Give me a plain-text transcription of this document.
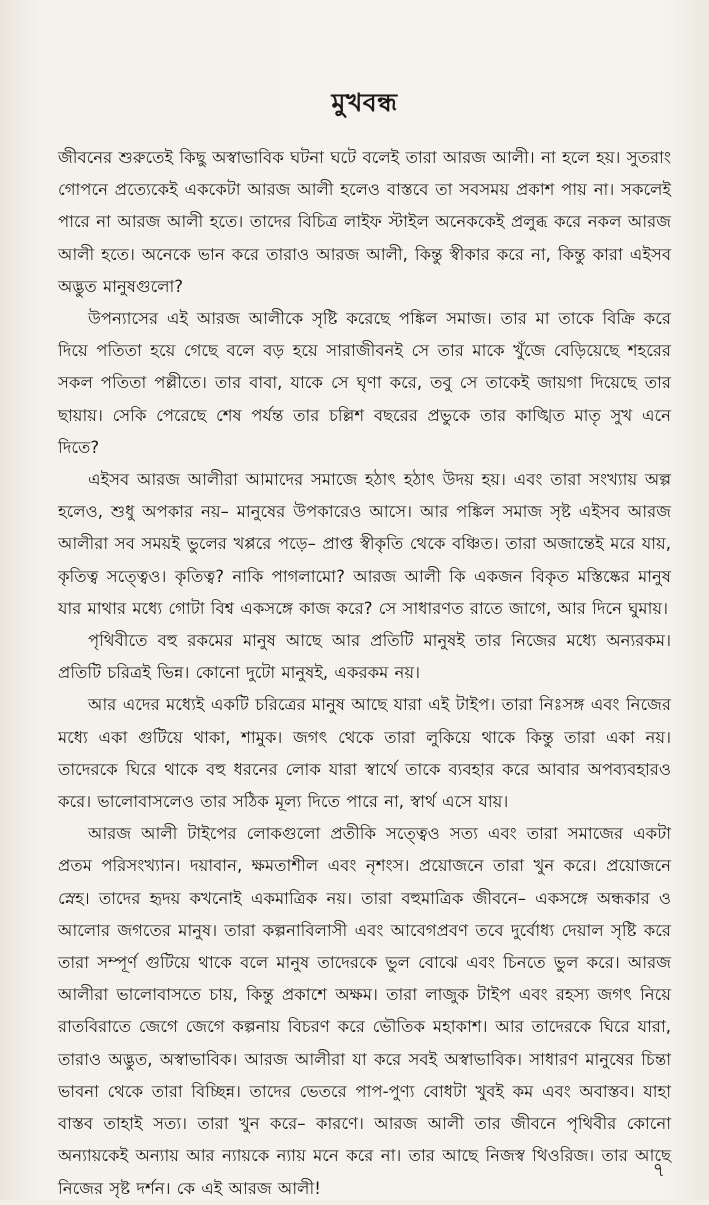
মুখবন্ধ

জীবনের শুরুতেই কিছু অস্বাভাবিক ঘটনা ঘটে বলেই তারা আরজ আলী। না হলে হয়। সুতরাং গোপনে প্রত্যেকেই এককেটা আরজ আলী হলেও বাস্তবে তা সবসময় প্রকাশ পায় না। সকলেই পারে না আরজ আলী হতে। তাদের বিচিত্র লাইফ স্টাইল অনেককেই প্রলুব্ধ করে নকল আরজ আলী হতে। অনেকে ভান করে তারাও আরজ আলী, কিন্তু স্বীকার করে না, কিন্তু কারা এইসব অদ্ভুত মানুষগুলো?

উপন্যাসের এই আরজ আলীকে সৃষ্টি করেছে পঙ্কিল সমাজ। তার মা তাকে বিক্রি করে দিয়ে পতিতা হয়ে গেছে বলে বড় হয়ে সারাজীবনই সে তার মাকে খুঁজে বেড়িয়েছে শহরের সকল পতিতা পল্লীতে। তার বাবা, যাকে সে ঘৃণা করে, তবু সে তাকেই জায়গা দিয়েছে তার ছায়ায়। সেকি পেরেছে শেষ পর্যন্ত তার চল্লিশ বছরের প্রভুকে তার কাঙ্খিত মাতৃ সুখ এনে দিতে?

এইসব আরজ আলীরা আমাদের সমাজে হঠাৎ হঠাৎ উদয় হয়। এবং তারা সংখ্যায় অল্প হলেও, শুধু অপকার নয়– মানুষের উপকারেও আসে। আর পঙ্কিল সমাজ সৃষ্ট এইসব আরজ আলীরা সব সময়ই ভুলের খপ্পরে পড়ে– প্রাপ্ত স্বীকৃতি থেকে বঞ্চিত। তারা অজান্তেই মরে যায়, কৃতিত্ব সত্ত্বেও। কৃতিত্ব? নাকি পাগলামো? আরজ আলী কি একজন বিকৃত মস্তিষ্কের মানুষ যার মাথার মধ্যে গোটা বিশ্ব একসঙ্গে কাজ করে? সে সাধারণত রাতে জাগে, আর দিনে ঘুমায়।

পৃথিবীতে বহু রকমের মানুষ আছে আর প্রতিটি মানুষই তার নিজের মধ্যে অন্যরকম। প্রতিটি চরিত্রই ভিন্ন। কোনো দুটো মানুষই, একরকম নয়।

আর এদের মধ্যেই একটি চরিত্রের মানুষ আছে যারা এই টাইপ। তারা নিঃসঙ্গ এবং নিজের মধ্যে একা গুটিয়ে থাকা, শামুক। জগৎ থেকে তারা লুকিয়ে থাকে কিন্তু তারা একা নয়। তাদেরকে ঘিরে থাকে বহু ধরনের লোক যারা স্বার্থে তাকে ব্যবহার করে আবার অপব্যবহারও করে। ভালোবাসলেও তার সঠিক মূল্য দিতে পারে না, স্বার্থ এসে যায়।

আরজ আলী টাইপের লোকগুলো প্রতীকি সত্ত্বেও সত্য এবং তারা সমাজের একটা প্রতম পরিসংখ্যান। দয়াবান, ক্ষমতাশীল এবং নৃশংস। প্রয়োজনে তারা খুন করে। প্রয়োজনে স্নেহ। তাদের হৃদয় কখনোই একমাত্রিক নয়। তারা বহুমাত্রিক জীবনে– একসঙ্গে অন্ধকার ও আলোর জগতের মানুষ। তারা কল্পনাবিলাসী এবং আবেগপ্রবণ তবে দুর্বোধ্য দেয়াল সৃষ্টি করে তারা সম্পূর্ণ গুটিয়ে থাকে বলে মানুষ তাদেরকে ভুল বোঝে এবং চিনতে ভুল করে। আরজ আলীরা ভালোবাসতে চায়, কিন্তু প্রকাশে অক্ষম। তারা লাজুক টাইপ এবং রহস্য জগৎ নিয়ে রাতবিরাতে জেগে জেগে কল্পনায় বিচরণ করে ভৌতিক মহাকাশ। আর তাদেরকে ঘিরে যারা, তারাও অদ্ভুত, অস্বাভাবিক। আরজ আলীরা যা করে সবই অস্বাভাবিক। সাধারণ মানুষের চিন্তা ভাবনা থেকে তারা বিচ্ছিন্ন। তাদের ভেতরে পাপ-পুণ্য বোধটা খুবই কম এবং অবাস্তব। যাহা বাস্তব তাহাই সত্য। তারা খুন করে– কারণে। আরজ আলী তার জীবনে পৃথিবীর কোনো অন্যায়কেই অন্যায় আর ন্যায়কে ন্যায় মনে করে না। তার আছে নিজস্ব থিওরিজ। তার আছে নিজের সৃষ্ট দর্শন। কে এই আরজ আলী!

৭
